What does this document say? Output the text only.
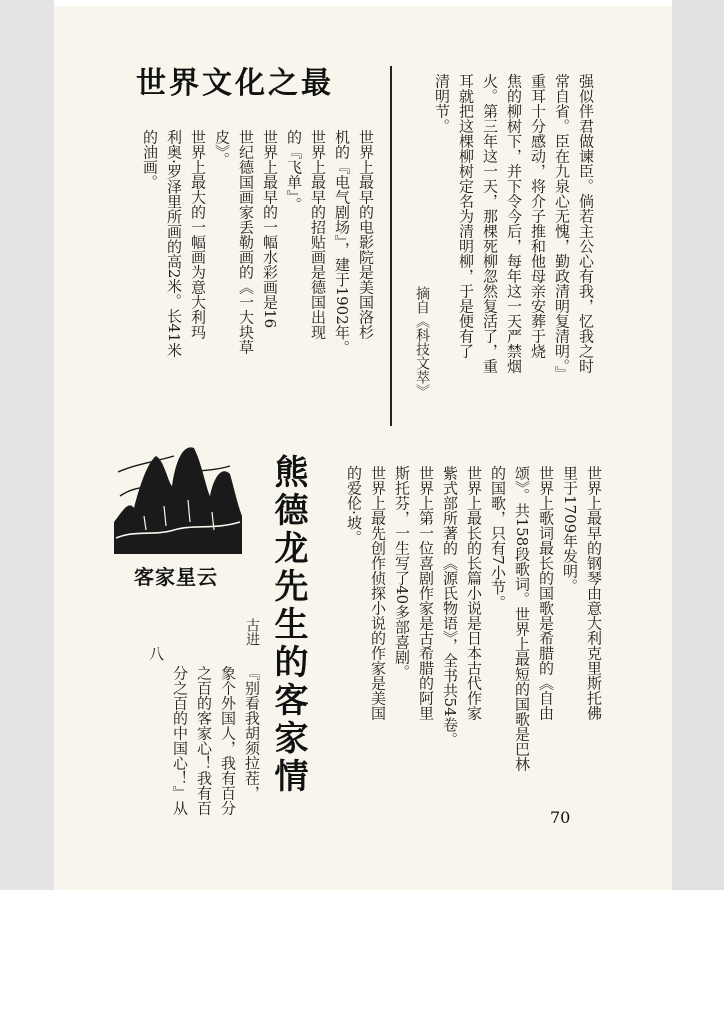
强似伴君做谏臣。倘若主公心有我，忆我之时
常自省。臣在九泉心无愧，勤政清明复清明。』
重耳十分感动，将介子推和他母亲安葬于烧
焦的柳树下，并下令今后，每年这一天严禁烟
火。第三年这一天，那棵死柳忽然复活了，重
耳就把这棵柳树定名为清明柳，于是便有了
清明节。

摘自《科技文萃》
世界文化之最

世界上最早的电影院是美国洛杉
机的『电气剧场』，建于1902年。
世界上最早的招贴画是德国出现
的『飞单』。
世界上最早的一幅水彩画是16
世纪德国画家丢勒画的《一大块草
皮》。
世界上最大的一幅画为意大利玛
利奥·罗泽里所画的高2米。长41米
的油画。

世界上最早的钢琴由意大利克里斯托佛
里于1709年发明。
世界上歌词最长的国歌是希腊的《自由
颂》。共158段歌词。世界上最短的国歌是巴林
的国歌，只有7小节。
世界上最长的长篇小说是日本古代作家
紫式部所著的《源氏物语》，全书共54卷。
世界上第一位喜剧作家是古希腊的阿里
斯托芬，一生写了40多部喜剧。
世界上最先创作侦探小说的作家是美国
的爱伦·坡。

客家星云 熊德龙先生的客家情
古进

『别看我胡须拉茬，
象个外国人，我有百分
之百的客家心！我有百
分之百的中国心！』从八

70
